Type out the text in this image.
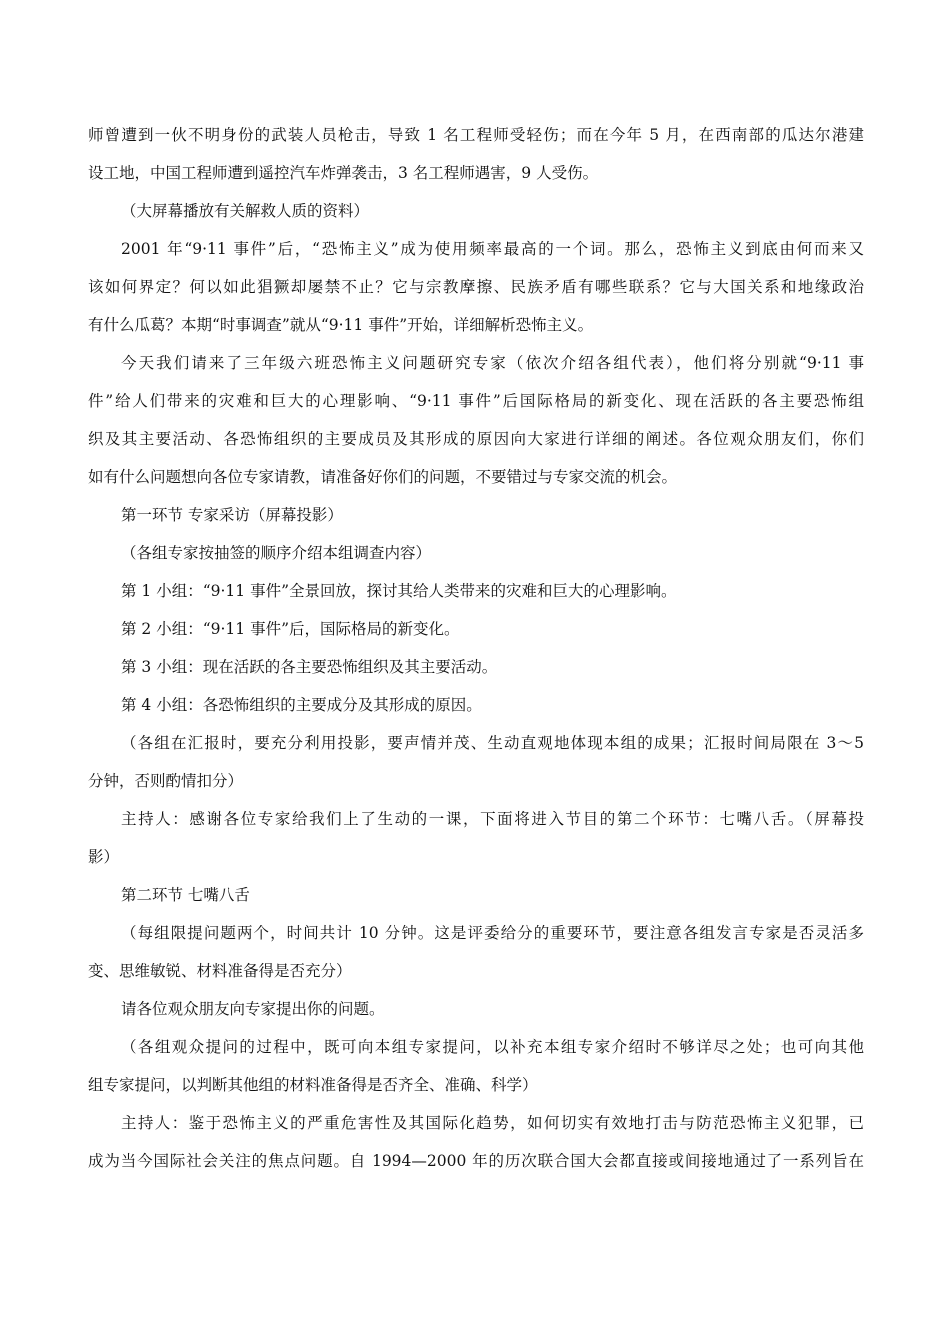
师曾遭到一伙不明身份的武装人员枪击，导致 1 名工程师受轻伤；而在今年 5 月，在西南部的瓜达尔港建
设工地，中国工程师遭到遥控汽车炸弹袭击，3 名工程师遇害，9 人受伤。
（大屏幕播放有关解救人质的资料）
2001 年“9·11 事件”后，“恐怖主义”成为使用频率最高的一个词。那么，恐怖主义到底由何而来又
该如何界定？何以如此猖獗却屡禁不止？它与宗教摩擦、民族矛盾有哪些联系？它与大国关系和地缘政治
有什么瓜葛？本期“时事调查”就从“9·11 事件”开始，详细解析恐怖主义。
今天我们请来了三年级六班恐怖主义问题研究专家（依次介绍各组代表），他们将分别就“9·11 事
件”给人们带来的灾难和巨大的心理影响、“9·11 事件”后国际格局的新变化、现在活跃的各主要恐怖组
织及其主要活动、各恐怖组织的主要成员及其形成的原因向大家进行详细的阐述。各位观众朋友们，你们
如有什么问题想向各位专家请教，请准备好你们的问题，不要错过与专家交流的机会。
第一环节 专家采访（屏幕投影）
（各组专家按抽签的顺序介绍本组调查内容）
第 1 小组：“9·11 事件”全景回放，探讨其给人类带来的灾难和巨大的心理影响。
第 2 小组：“9·11 事件”后，国际格局的新变化。
第 3 小组：现在活跃的各主要恐怖组织及其主要活动。
第 4 小组：各恐怖组织的主要成分及其形成的原因。
（各组在汇报时，要充分利用投影，要声情并茂、生动直观地体现本组的成果；汇报时间局限在 3～5
分钟，否则酌情扣分）
主持人：感谢各位专家给我们上了生动的一课，下面将进入节目的第二个环节：七嘴八舌。（屏幕投
影）
第二环节 七嘴八舌
（每组限提问题两个，时间共计 10 分钟。这是评委给分的重要环节，要注意各组发言专家是否灵活多
变、思维敏锐、材料准备得是否充分）
请各位观众朋友向专家提出你的问题。
（各组观众提问的过程中，既可向本组专家提问，以补充本组专家介绍时不够详尽之处；也可向其他
组专家提问，以判断其他组的材料准备得是否齐全、准确、科学）
主持人：鉴于恐怖主义的严重危害性及其国际化趋势，如何切实有效地打击与防范恐怖主义犯罪，已
成为当今国际社会关注的焦点问题。自 1994—2000 年的历次联合国大会都直接或间接地通过了一系列旨在
